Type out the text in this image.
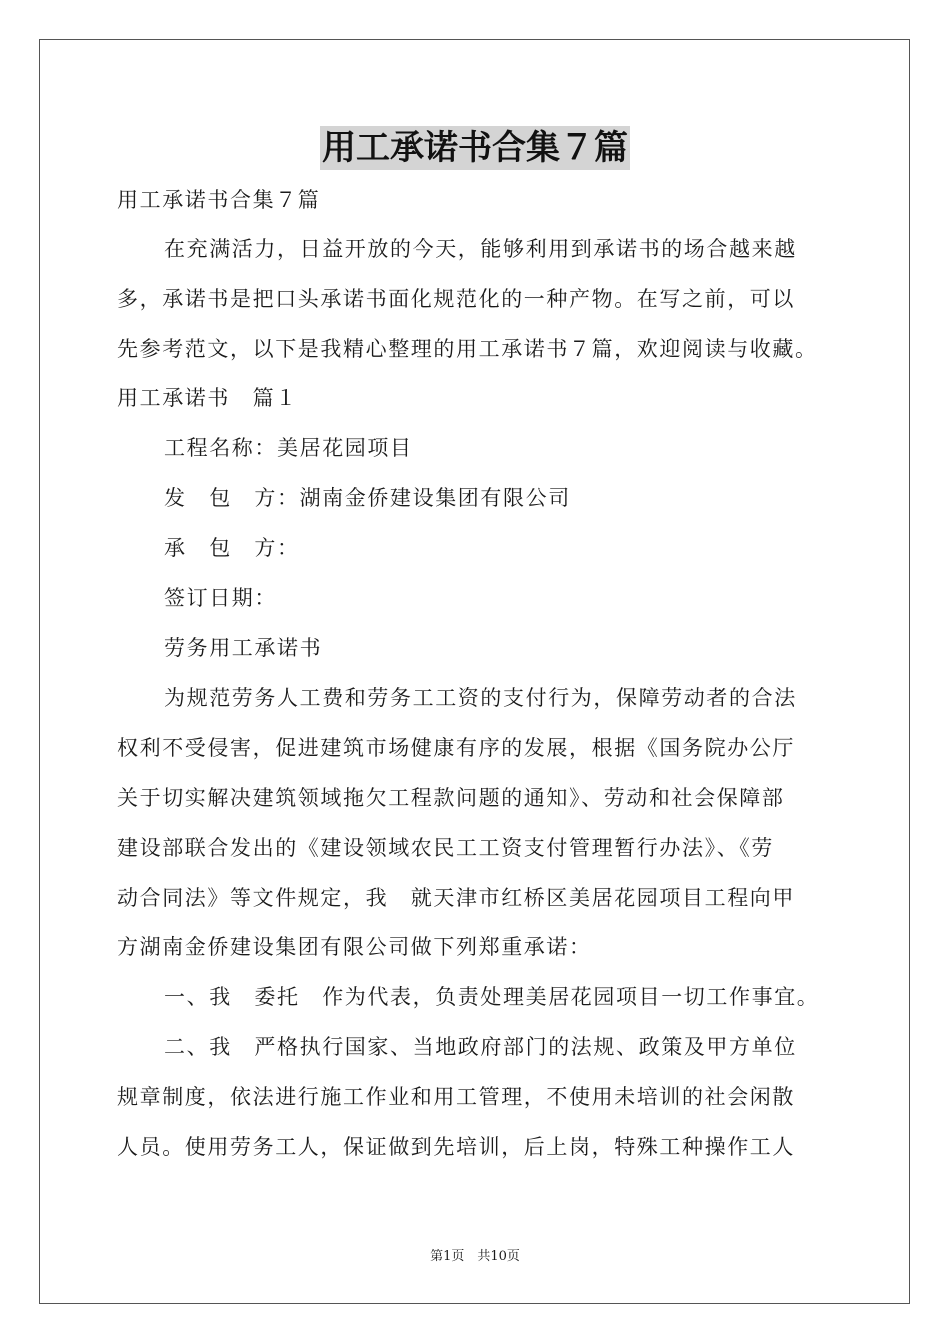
用工承诺书合集７篇
用工承诺书合集７篇
在充满活力，日益开放的今天，能够利用到承诺书的场合越来越
多，承诺书是把口头承诺书面化规范化的一种产物。在写之前，可以
先参考范文，以下是我精心整理的用工承诺书７篇，欢迎阅读与收藏。
用工承诺书　篇１
工程名称：美居花园项目
发　包　方：湖南金侨建设集团有限公司
承　包　方：
签订日期：
劳务用工承诺书
为规范劳务人工费和劳务工工资的支付行为，保障劳动者的合法
权利不受侵害，促进建筑市场健康有序的发展，根据《国务院办公厅
关于切实解决建筑领域拖欠工程款问题的通知》、劳动和社会保障部
建设部联合发出的《建设领域农民工工资支付管理暂行办法》、《劳
动合同法》等文件规定，我　就天津市红桥区美居花园项目工程向甲
方湖南金侨建设集团有限公司做下列郑重承诺：
一、我　委托　作为代表，负责处理美居花园项目一切工作事宜。
二、我　严格执行国家、当地政府部门的法规、政策及甲方单位
规章制度，依法进行施工作业和用工管理，不使用未培训的社会闲散
人员。使用劳务工人，保证做到先培训，后上岗，特殊工种操作工人
第1页　共10页
